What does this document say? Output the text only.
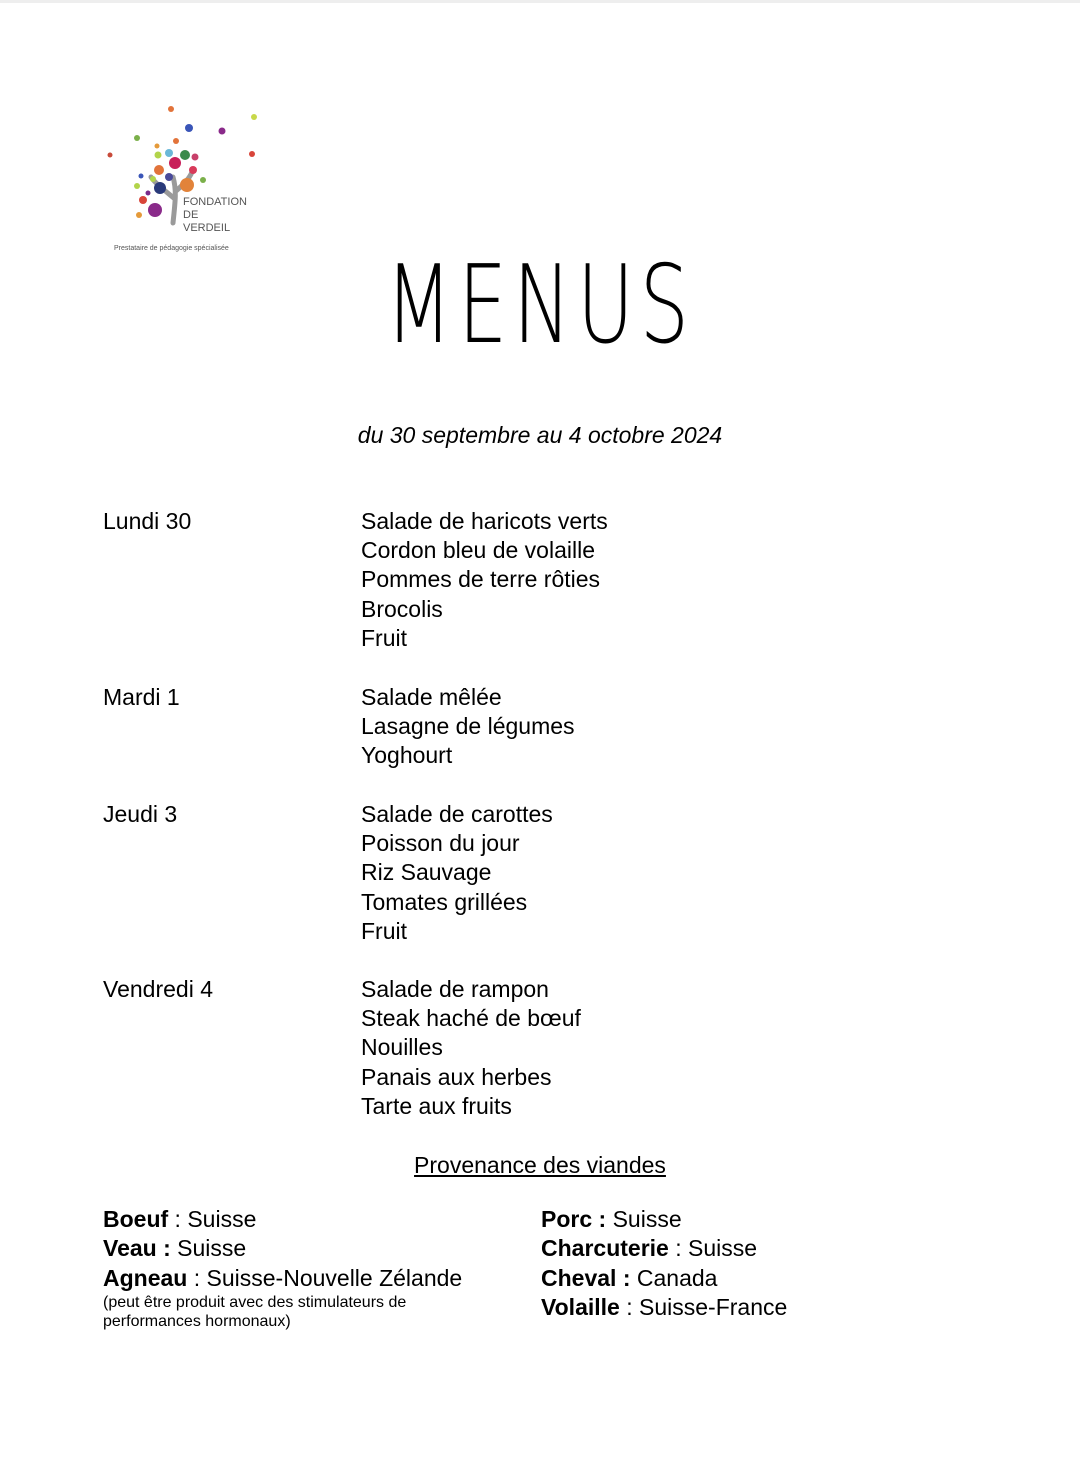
FONDATION
DE
VERDEIL
Prestataire de pédagogie spécialisée	MENUS
du 30 septembre au 4 octobre 2024
Lundi 30	Salade de haricots verts
Cordon bleu de volaille
Pommes de terre rôties
Brocolis
Fruit
Mardi 1	Salade mêlée
Lasagne de légumes
Yoghourt
Jeudi 3	Salade de carottes
Poisson du jour
Riz Sauvage
Tomates grillées
Fruit
Vendredi 4	Salade de rampon
Steak haché de bœuf
Nouilles
Panais aux herbes
Tarte aux fruits
Provenance des viandes
Boeuf : Suisse
Veau : Suisse
Agneau : Suisse-Nouvelle Zélande
(peut être produit avec des stimulateurs de performances hormonaux)
Porc : Suisse
Charcuterie : Suisse
Cheval : Canada
Volaille : Suisse-France
